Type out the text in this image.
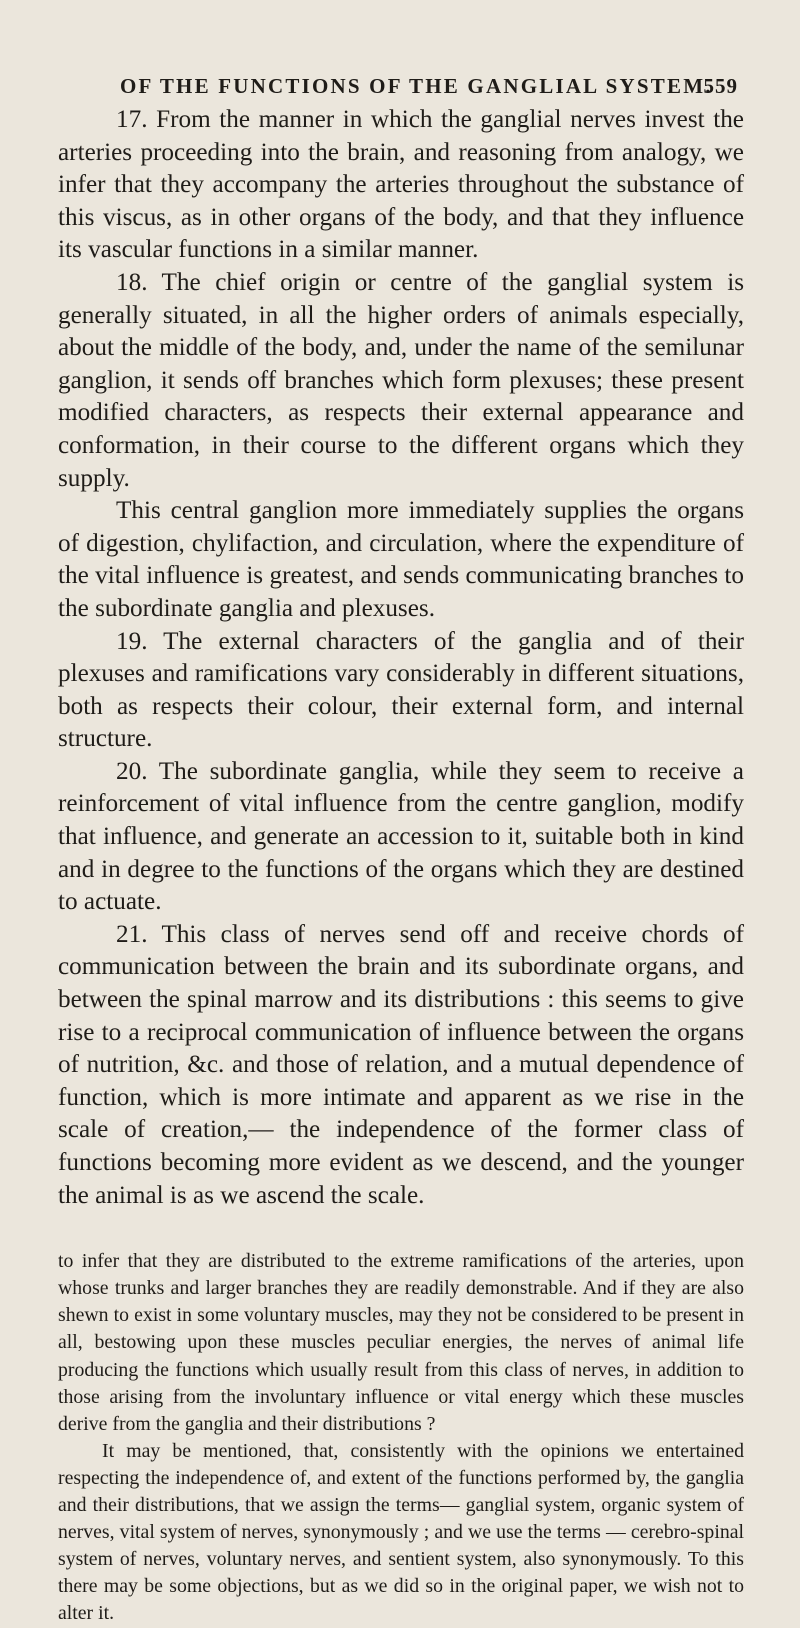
OF THE FUNCTIONS OF THE GANGLIAL SYSTEM.
559

17. From the manner in which the ganglial nerves invest the arteries proceeding into the brain, and reasoning from analogy, we infer that they accompany the arteries throughout the substance of this viscus, as in other organs of the body, and that they influence its vascular functions in a similar manner.

18. The chief origin or centre of the ganglial system is generally situated, in all the higher orders of animals especially, about the middle of the body, and, under the name of the semilunar ganglion, it sends off branches which form plexuses; these present modified characters, as respects their external appearance and conformation, in their course to the different organs which they supply.

This central ganglion more immediately supplies the organs of digestion, chylifaction, and circulation, where the expenditure of the vital influence is greatest, and sends communicating branches to the subordinate ganglia and plexuses.

19. The external characters of the ganglia and of their plexuses and ramifications vary considerably in different situations, both as respects their colour, their external form, and internal structure.

20. The subordinate ganglia, while they seem to receive a reinforcement of vital influence from the centre ganglion, modify that influence, and generate an accession to it, suitable both in kind and in degree to the functions of the organs which they are destined to actuate.

21. This class of nerves send off and receive chords of communication between the brain and its subordinate organs, and between the spinal marrow and its distributions : this seems to give rise to a reciprocal communication of influence between the organs of nutrition, &c. and those of relation, and a mutual dependence of function, which is more intimate and apparent as we rise in the scale of creation,— the independence of the former class of functions becoming more evident as we descend, and the younger the animal is as we ascend the scale.

to infer that they are distributed to the extreme ramifications of the arteries, upon whose trunks and larger branches they are readily demonstrable. And if they are also shewn to exist in some voluntary muscles, may they not be considered to be present in all, bestowing upon these muscles peculiar energies, the nerves of animal life producing the functions which usually result from this class of nerves, in addition to those arising from the involuntary influence or vital energy which these muscles derive from the ganglia and their distributions ?

It may be mentioned, that, consistently with the opinions we entertained respecting the independence of, and extent of the functions performed by, the ganglia and their distributions, that we assign the terms— ganglial system, organic system of nerves, vital system of nerves, synonymously ; and we use the terms — cerebro-spinal system of nerves, voluntary nerves, and sentient system, also synonymously. To this there may be some objections, but as we did so in the original paper, we wish not to alter it.
